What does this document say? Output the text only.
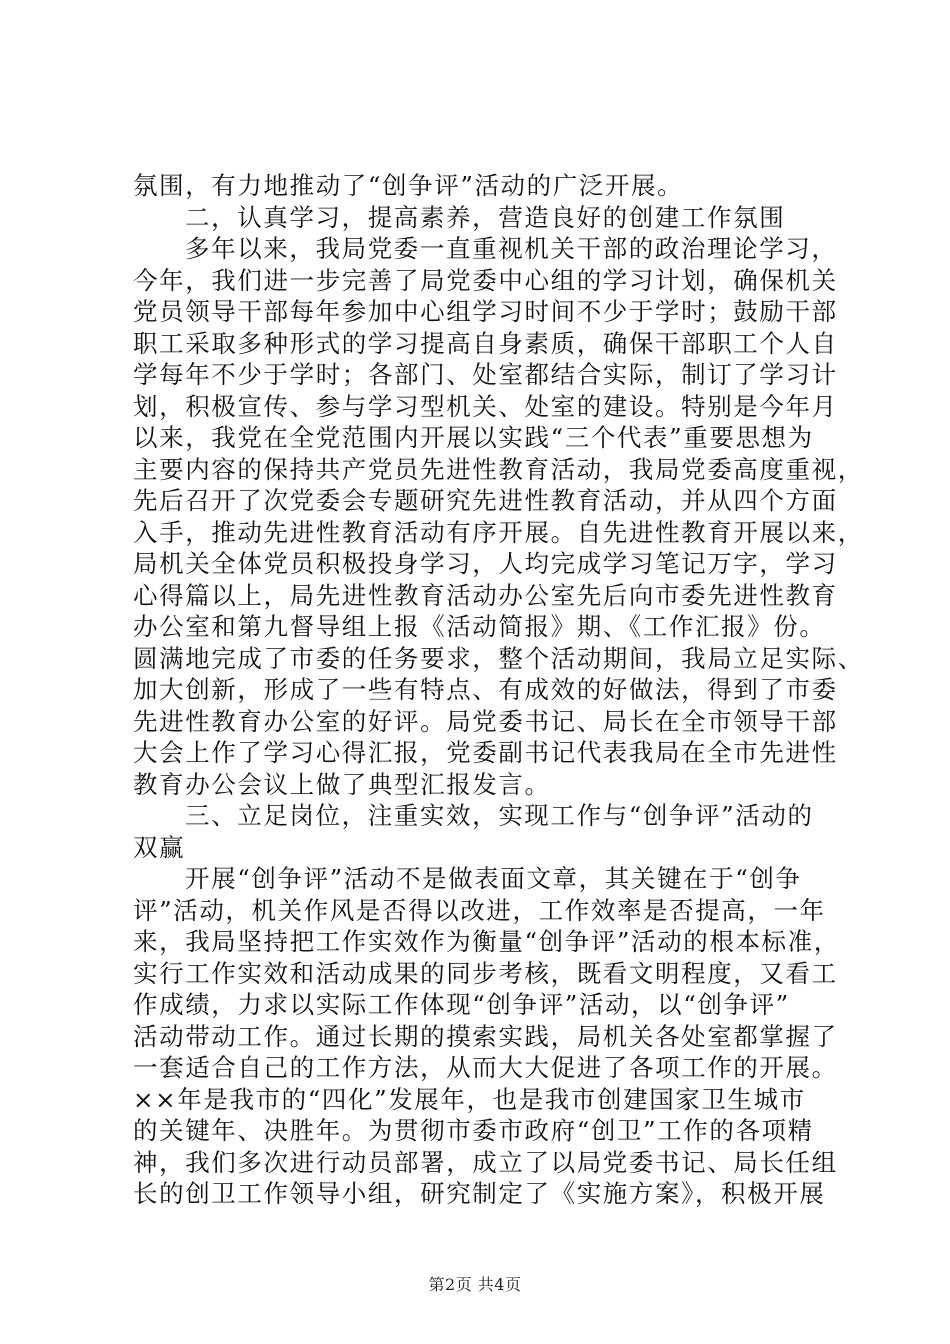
氛围，有力地推动了“创争评”活动的广泛开展。
二，认真学习，提高素养，营造良好的创建工作氛围
多年以来，我局党委一直重视机关干部的政治理论学习，
今年，我们进一步完善了局党委中心组的学习计划，确保机关
党员领导干部每年参加中心组学习时间不少于学时；鼓励干部
职工采取多种形式的学习提高自身素质，确保干部职工个人自
学每年不少于学时；各部门、处室都结合实际，制订了学习计
划，积极宣传、参与学习型机关、处室的建设。特别是今年月
以来，我党在全党范围内开展以实践“三个代表”重要思想为
主要内容的保持共产党员先进性教育活动，我局党委高度重视，
先后召开了次党委会专题研究先进性教育活动，并从四个方面
入手，推动先进性教育活动有序开展。自先进性教育开展以来，
局机关全体党员积极投身学习，人均完成学习笔记万字，学习
心得篇以上，局先进性教育活动办公室先后向市委先进性教育
办公室和第九督导组上报《活动简报》期、《工作汇报》份。
圆满地完成了市委的任务要求，整个活动期间，我局立足实际、
加大创新，形成了一些有特点、有成效的好做法，得到了市委
先进性教育办公室的好评。局党委书记、局长在全市领导干部
大会上作了学习心得汇报，党委副书记代表我局在全市先进性
教育办公会议上做了典型汇报发言。
三、立足岗位，注重实效，实现工作与“创争评”活动的
双赢
开展“创争评”活动不是做表面文章，其关键在于“创争
评”活动，机关作风是否得以改进，工作效率是否提高，一年
来，我局坚持把工作实效作为衡量“创争评”活动的根本标准，
实行工作实效和活动成果的同步考核，既看文明程度，又看工
作成绩，力求以实际工作体现“创争评”活动，以“创争评”
活动带动工作。通过长期的摸索实践，局机关各处室都掌握了
一套适合自己的工作方法，从而大大促进了各项工作的开展。
××年是我市的“四化”发展年，也是我市创建国家卫生城市
的关键年、决胜年。为贯彻市委市政府“创卫”工作的各项精
神，我们多次进行动员部署，成立了以局党委书记、局长任组
长的创卫工作领导小组，研究制定了《实施方案》，积极开展
第2页 共4页
